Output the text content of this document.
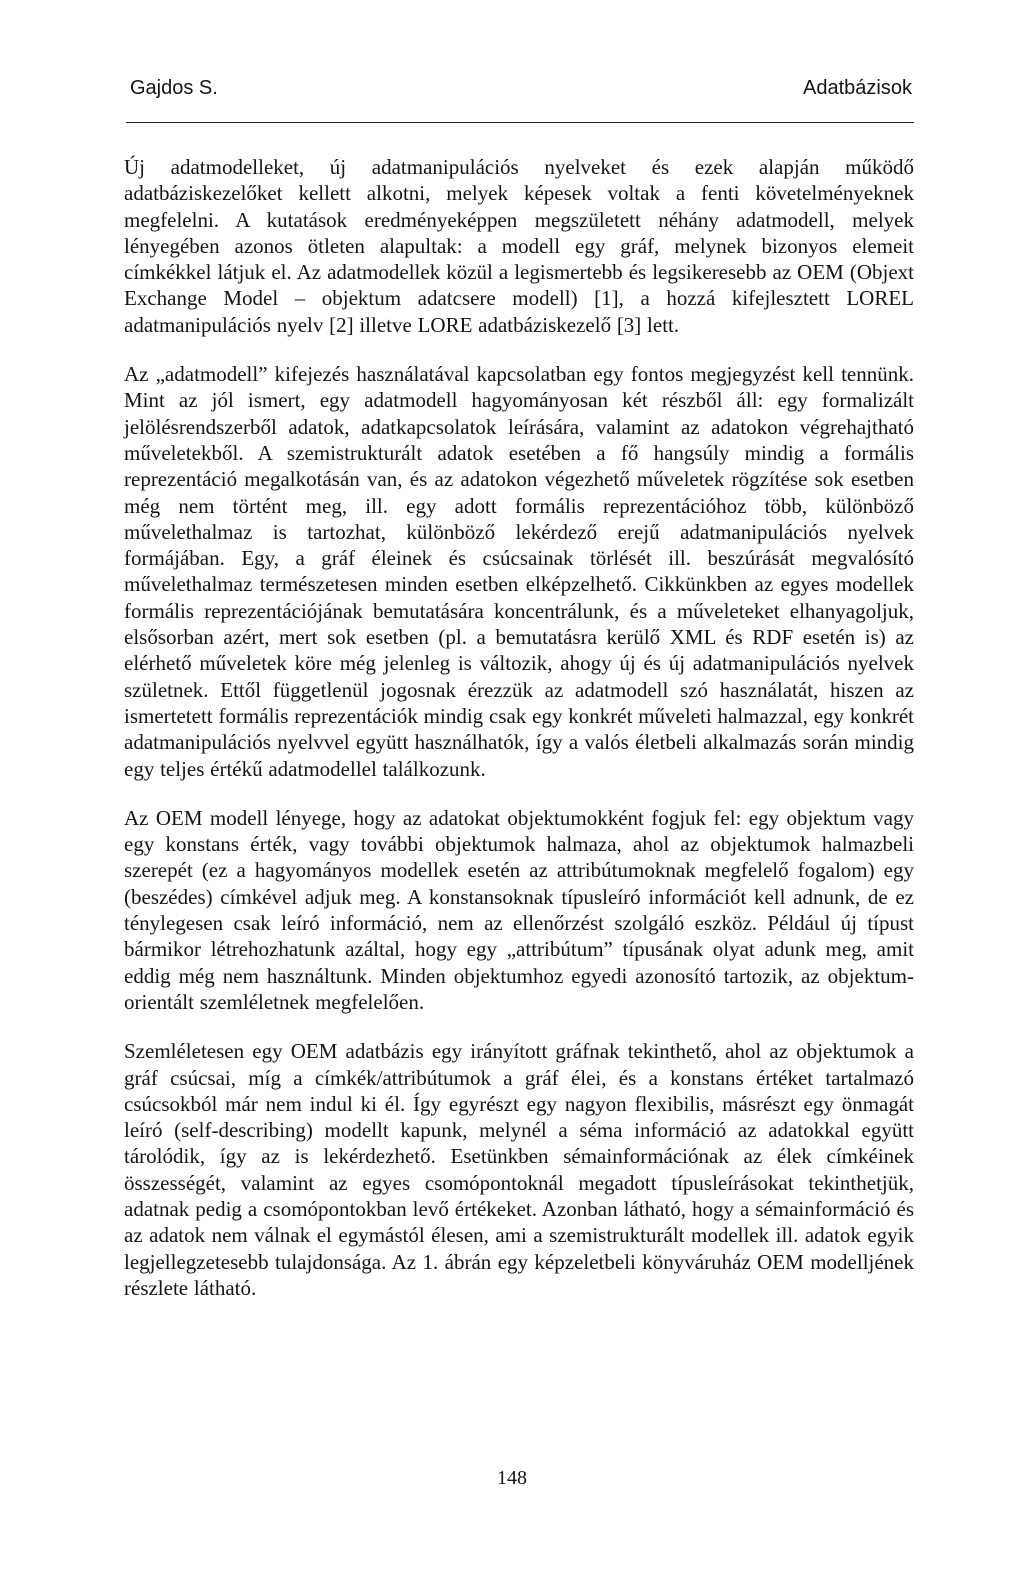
Gajdos S.	Adatbázisok

Új adatmodelleket, új adatmanipulációs nyelveket és ezek alapján működő adatbáziskezelőket kellett alkotni, melyek képesek voltak a fenti követelményeknek megfelelni. A kutatások eredményeképpen megszületett néhány adatmodell, melyek lényegében azonos ötleten alapultak: a modell egy gráf, melynek bizonyos elemeit címkékkel látjuk el. Az adatmodellek közül a legismertebb és legsikeresebb az OEM (Objext Exchange Model – objektum adatcsere modell) [1], a hozzá kifejlesztett LOREL adatmanipulációs nyelv [2] illetve LORE adatbáziskezelő [3] lett.

Az „adatmodell” kifejezés használatával kapcsolatban egy fontos megjegyzést kell tennünk. Mint az jól ismert, egy adatmodell hagyományosan két részből áll: egy formalizált jelölésrendszerből adatok, adatkapcsolatok leírására, valamint az adatokon végrehajtható műveletekből. A szemistrukturált adatok esetében a fő hangsúly mindig a formális reprezentáció megalkotásán van, és az adatokon végezhető műveletek rögzítése sok esetben még nem történt meg, ill. egy adott formális reprezentációhoz több, különböző művelethalmaz is tartozhat, különböző lekérdező erejű adatmanipulációs nyelvek formájában. Egy, a gráf éleinek és csúcsainak törlését ill. beszúrását megvalósító művelethalmaz természetesen minden esetben elképzelhető. Cikkünkben az egyes modellek formális reprezentációjának bemutatására koncentrálunk, és a műveleteket elhanyagoljuk, elsősorban azért, mert sok esetben (pl. a bemutatásra kerülő XML és RDF esetén is) az elérhető műveletek köre még jelenleg is változik, ahogy új és új adatmanipulációs nyelvek születnek. Ettől függetlenül jogosnak érezzük az adatmodell szó használatát, hiszen az ismertetett formális reprezentációk mindig csak egy konkrét műveleti halmazzal, egy konkrét adatmanipulációs nyelvvel együtt használhatók, így a valós életbeli alkalmazás során mindig egy teljes értékű adatmodellel találkozunk.

Az OEM modell lényege, hogy az adatokat objektumokként fogjuk fel: egy objektum vagy egy konstans érték, vagy további objektumok halmaza, ahol az objektumok halmazbeli szerepét (ez a hagyományos modellek esetén az attribútumoknak megfelelő fogalom) egy (beszédes) címkével adjuk meg. A konstansoknak típusleíró információt kell adnunk, de ez ténylegesen csak leíró információ, nem az ellenőrzést szolgáló eszköz. Például új típust bármikor létrehozhatunk azáltal, hogy egy „attribútum” típusának olyat adunk meg, amit eddig még nem használtunk. Minden objektumhoz egyedi azonosító tartozik, az objektum-orientált szemléletnek megfelelően.

Szemléletesen egy OEM adatbázis egy irányított gráfnak tekinthető, ahol az objektumok a gráf csúcsai, míg a címkék/attribútumok a gráf élei, és a konstans értéket tartalmazó csúcsokból már nem indul ki él. Így egyrészt egy nagyon flexibilis, másrészt egy önmagát leíró (self-describing) modellt kapunk, melynél a séma információ az adatokkal együtt tárolódik, így az is lekérdezhető. Esetünkben sémainformációnak az élek címkéinek összességét, valamint az egyes csomópontoknál megadott típusleírásokat tekinthetjük, adatnak pedig a csomópontokban levő értékeket. Azonban látható, hogy a sémainformáció és az adatok nem válnak el egymástól élesen, ami a szemistrukturált modellek ill. adatok egyik legjellegzetesebb tulajdonsága. Az 1. ábrán egy képzeletbeli könyváruház OEM modelljének részlete látható.

148
